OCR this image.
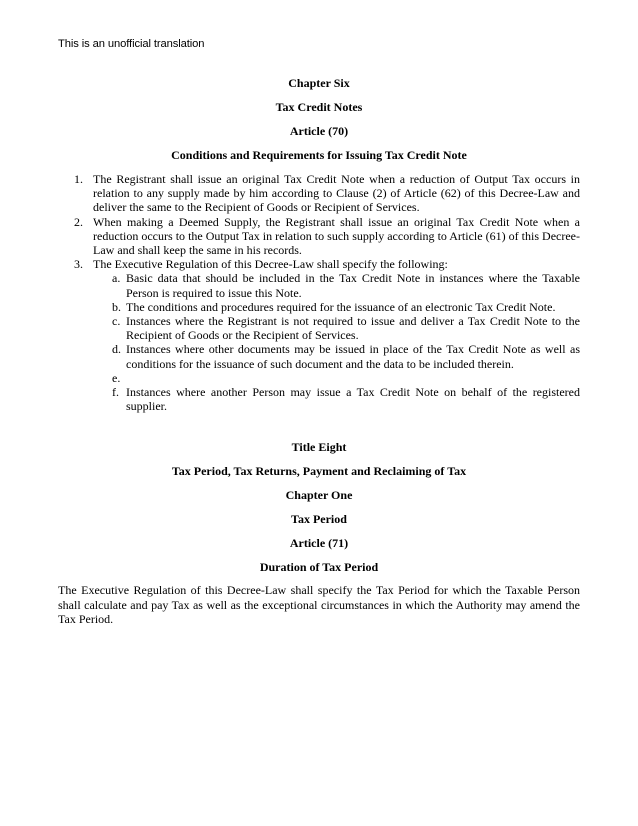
This is an unofficial translation
Chapter Six
Tax Credit Notes
Article (70)
Conditions and Requirements for Issuing Tax Credit Note
1. The Registrant shall issue an original Tax Credit Note when a reduction of Output Tax occurs in relation to any supply made by him according to Clause (2) of Article (62) of this Decree-Law and deliver the same to the Recipient of Goods or Recipient of Services.
2. When making a Deemed Supply, the Registrant shall issue an original Tax Credit Note when a reduction occurs to the Output Tax in relation to such supply according to Article (61) of this Decree-Law and shall keep the same in his records.
3. The Executive Regulation of this Decree-Law shall specify the following:
a. Basic data that should be included in the Tax Credit Note in instances where the Taxable Person is required to issue this Note.
b. The conditions and procedures required for the issuance of an electronic Tax Credit Note.
c. Instances where the Registrant is not required to issue and deliver a Tax Credit Note to the Recipient of Goods or the Recipient of Services.
d. Instances where other documents may be issued in place of the Tax Credit Note as well as conditions for the issuance of such document and the data to be included therein.
e.
f. Instances where another Person may issue a Tax Credit Note on behalf of the registered supplier.
Title Eight
Tax Period, Tax Returns, Payment and Reclaiming of Tax
Chapter One
Tax Period
Article (71)
Duration of Tax Period
The Executive Regulation of this Decree-Law shall specify the Tax Period for which the Taxable Person shall calculate and pay Tax as well as the exceptional circumstances in which the Authority may amend the Tax Period.
